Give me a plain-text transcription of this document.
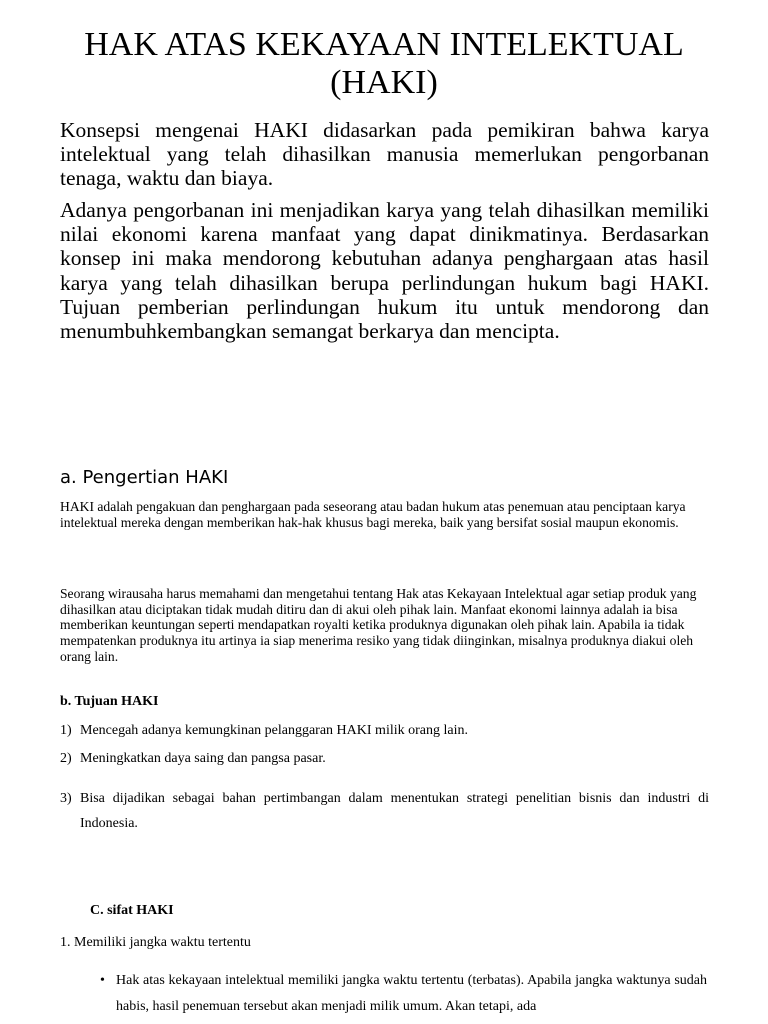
HAK ATAS KEKAYAAN INTELEKTUAL
(HAKI)

Konsepsi mengenai HAKI didasarkan pada pemikiran bahwa karya intelektual yang telah dihasilkan manusia memerlukan pengorbanan tenaga, waktu dan biaya.

Adanya pengorbanan ini menjadikan karya yang telah dihasilkan memiliki nilai ekonomi karena manfaat yang dapat dinikmatinya. Berdasarkan konsep ini maka mendorong kebutuhan adanya penghargaan atas hasil karya yang telah dihasilkan berupa perlindungan hukum bagi HAKI. Tujuan pemberian perlindungan hukum itu untuk mendorong dan menumbuhkembangkan semangat berkarya dan mencipta.

a. Pengertian HAKI

HAKI adalah pengakuan dan penghargaan pada seseorang atau badan hukum atas penemuan atau penciptaan karya intelektual mereka dengan memberikan hak-hak khusus bagi mereka, baik yang bersifat sosial maupun ekonomis.

Seorang wirausaha harus memahami dan mengetahui tentang Hak atas Kekayaan Intelektual agar setiap produk yang dihasilkan atau diciptakan tidak mudah ditiru dan di akui oleh pihak lain. Manfaat ekonomi lainnya adalah ia bisa memberikan keuntungan seperti mendapatkan royalti ketika produknya digunakan oleh pihak lain. Apabila ia tidak mempatenkan produknya itu artinya ia siap menerima resiko yang tidak diinginkan, misalnya produknya diakui oleh orang lain.

b. Tujuan HAKI
1) Mencegah adanya kemungkinan pelanggaran HAKI milik orang lain.
2) Meningkatkan daya saing dan pangsa pasar.
3) Bisa dijadikan sebagai bahan pertimbangan dalam menentukan strategi penelitian bisnis dan industri di Indonesia.
C. sifat HAKI
1. Memiliki jangka waktu tertentu
• Hak atas kekayaan intelektual memiliki jangka waktu tertentu (terbatas). Apabila jangka waktunya sudah habis, hasil penemuan tersebut akan menjadi milik umum. Akan tetapi, ada
